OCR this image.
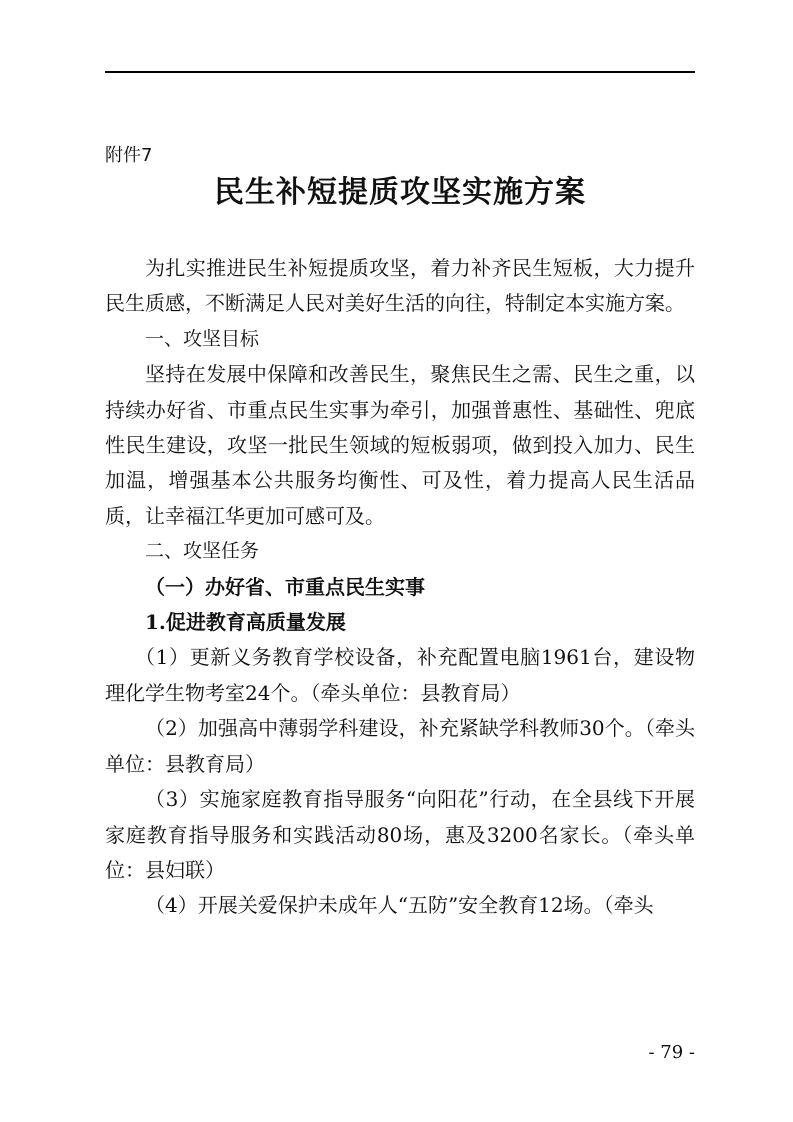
附件7
民生补短提质攻坚实施方案

为扎实推进民生补短提质攻坚，着力补齐民生短板，大力提升民生质感，不断满足人民对美好生活的向往，特制定本实施方案。

一、攻坚目标

坚持在发展中保障和改善民生，聚焦民生之需、民生之重，以持续办好省、市重点民生实事为牵引，加强普惠性、基础性、兜底性民生建设，攻坚一批民生领域的短板弱项，做到投入加力、民生加温，增强基本公共服务均衡性、可及性，着力提高人民生活品质，让幸福江华更加可感可及。

二、攻坚任务

（一）办好省、市重点民生实事

1.促进教育高质量发展

（1）更新义务教育学校设备，补充配置电脑1961台，建设物理化学生物考室24个。（牵头单位：县教育局）

（2）加强高中薄弱学科建设，补充紧缺学科教师30个。（牵头单位：县教育局）

（3）实施家庭教育指导服务“向阳花”行动，在全县线下开展家庭教育指导服务和实践活动80场，惠及3200名家长。（牵头单位：县妇联）

（4）开展关爱保护未成年人“五防”安全教育12场。（牵头

- 79 -
